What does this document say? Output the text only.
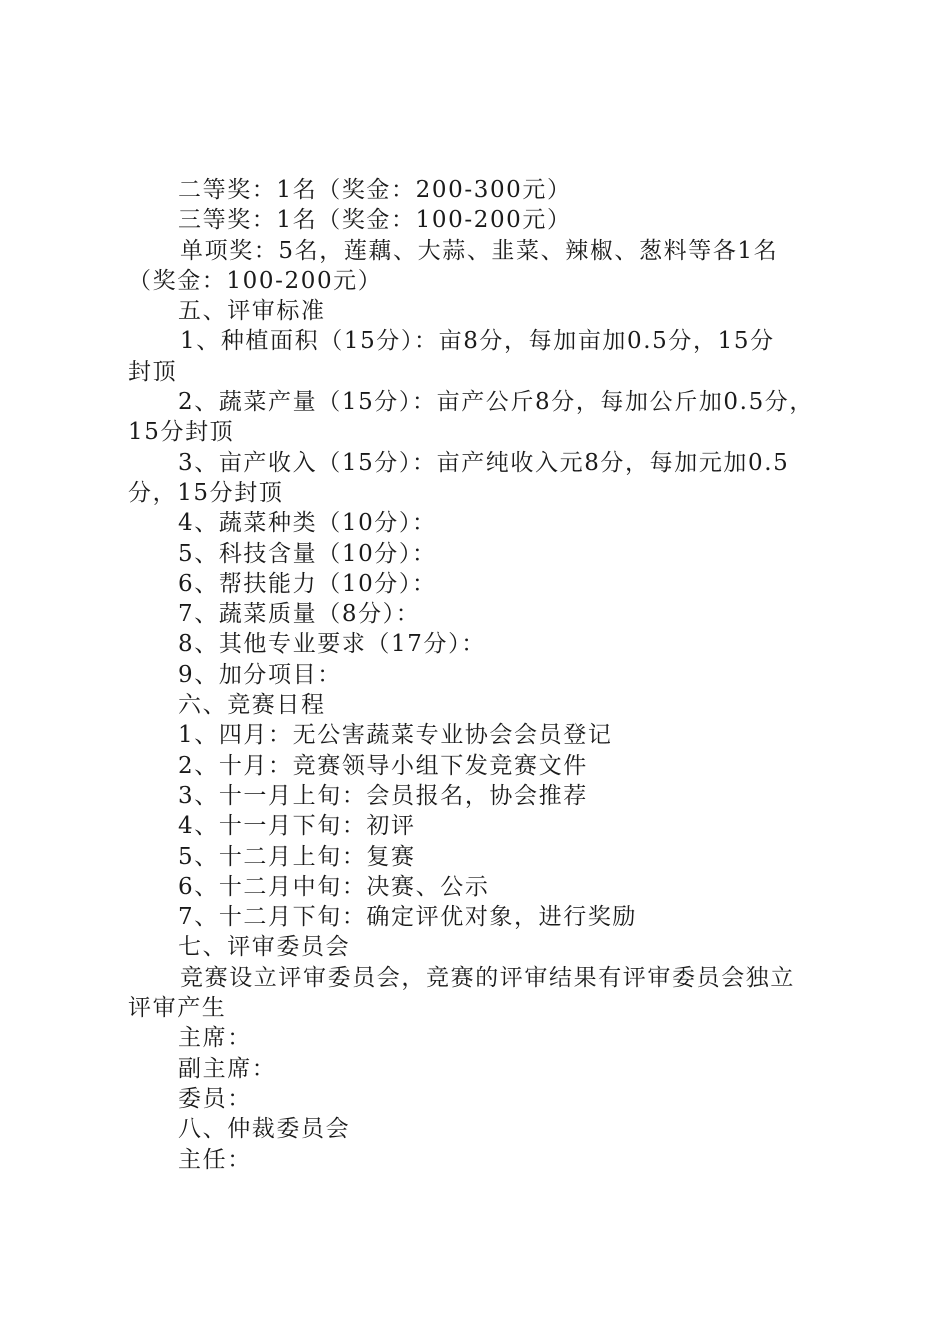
二等奖：1名（奖金：200-300元）
三等奖：1名（奖金：100-200元）
单项奖：5名，莲藕、大蒜、韭菜、辣椒、葱料等各1名
（奖金：100-200元）
五、评审标准
1、种植面积（15分）：亩8分，每加亩加0.5分，15分
封顶
2、蔬菜产量（15分）：亩产公斤8分，每加公斤加0.5分，
15分封顶
3、亩产收入（15分）：亩产纯收入元8分，每加元加0.5
分，15分封顶
4、蔬菜种类（10分）：
5、科技含量（10分）：
6、帮扶能力（10分）：
7、蔬菜质量（8分）：
8、其他专业要求（17分）：
9、加分项目：
六、竞赛日程
1、四月：无公害蔬菜专业协会会员登记
2、十月：竞赛领导小组下发竞赛文件
3、十一月上旬：会员报名，协会推荐
4、十一月下旬：初评
5、十二月上旬：复赛
6、十二月中旬：决赛、公示
7、十二月下旬：确定评优对象，进行奖励
七、评审委员会
竞赛设立评审委员会，竞赛的评审结果有评审委员会独立
评审产生
主席：
副主席：
委员：
八、仲裁委员会
主任：
